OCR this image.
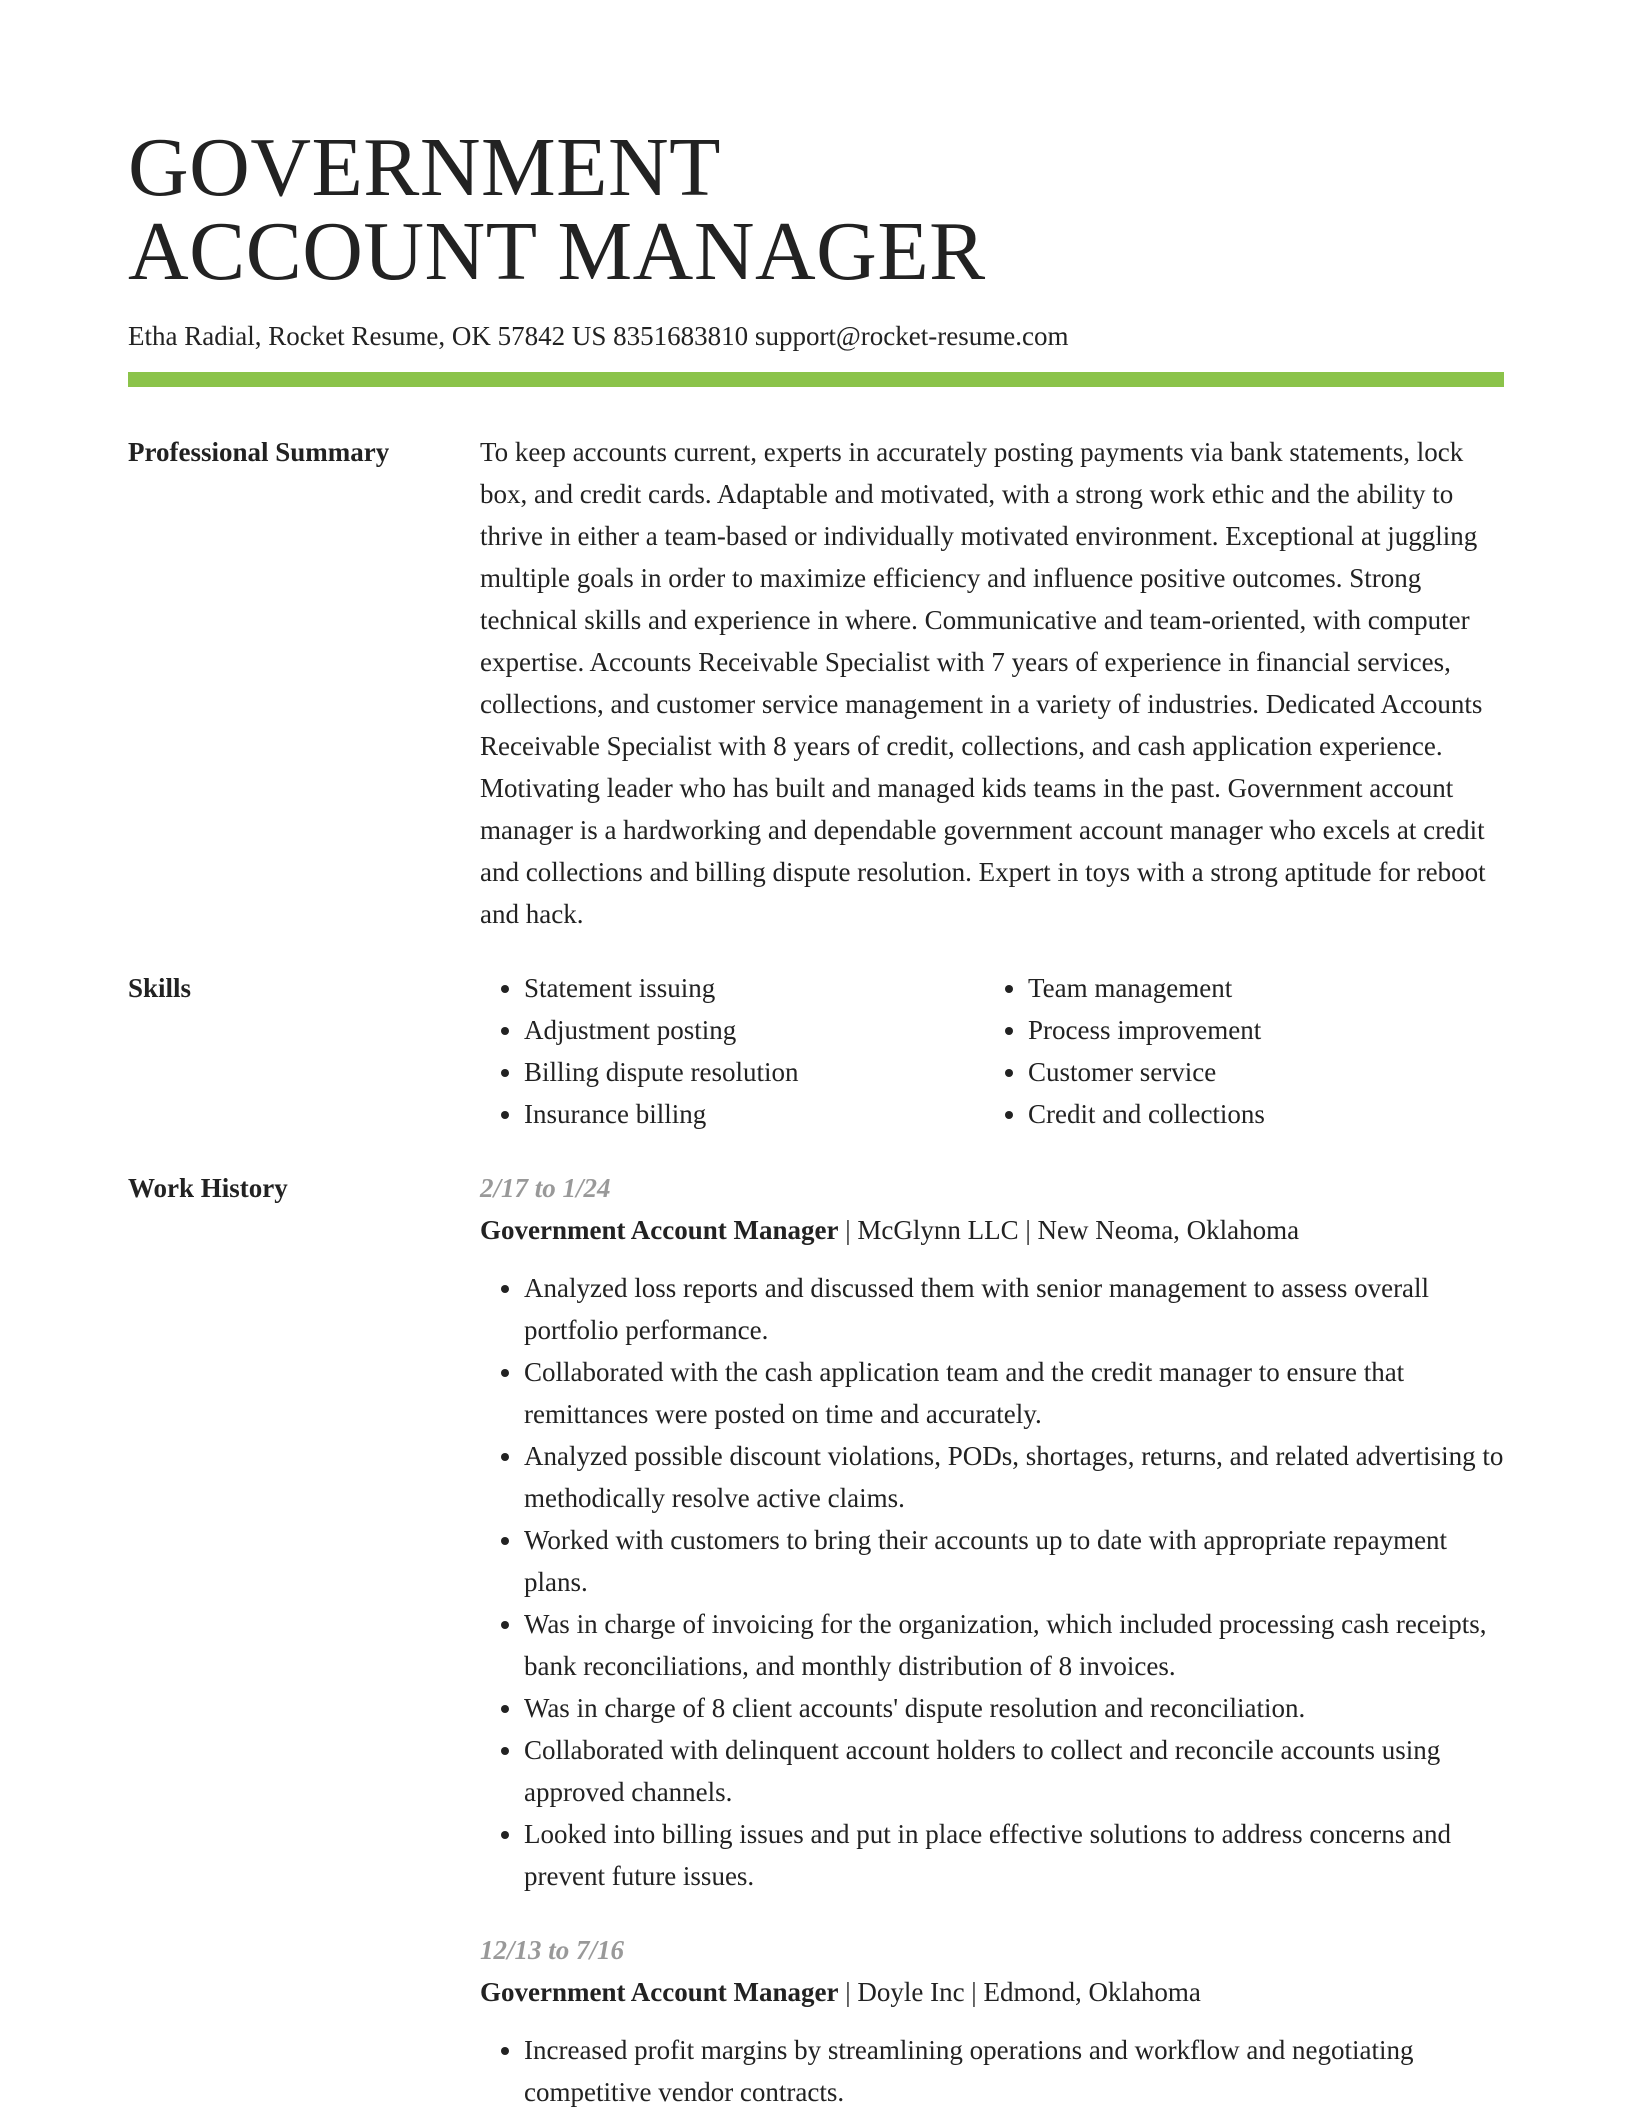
GOVERNMENT
ACCOUNT MANAGER
Etha Radial, Rocket Resume, OK 57842 US 8351683810 support@rocket-resume.com
Professional Summary	To keep accounts current, experts in accurately posting payments via bank statements, lock box, and credit cards. Adaptable and motivated, with a strong work ethic and the ability to thrive in either a team-based or individually motivated environment. Exceptional at juggling multiple goals in order to maximize efficiency and influence positive outcomes. Strong technical skills and experience in where. Communicative and team-oriented, with computer expertise. Accounts Receivable Specialist with 7 years of experience in financial services, collections, and customer service management in a variety of industries. Dedicated Accounts Receivable Specialist with 8 years of credit, collections, and cash application experience. Motivating leader who has built and managed kids teams in the past. Government account manager is a hardworking and dependable government account manager who excels at credit and collections and billing dispute resolution. Expert in toys with a strong aptitude for reboot and hack.

Skills
•	Statement issuing
• Adjustment posting
• Billing dispute resolution
• Insurance billing
• Team management
• Process improvement
• Customer service
• Credit and collections
Work History	2/17 to 1/24
Government Account Manager | McGlynn LLC | New Neoma, Oklahoma
• Analyzed loss reports and discussed them with senior management to assess overall portfolio performance.
• Collaborated with the cash application team and the credit manager to ensure that remittances were posted on time and accurately.
• Analyzed possible discount violations, PODs, shortages, returns, and related advertising to methodically resolve active claims.
• Worked with customers to bring their accounts up to date with appropriate repayment plans.
• Was in charge of invoicing for the organization, which included processing cash receipts, bank reconciliations, and monthly distribution of 8 invoices.
• Was in charge of 8 client accounts' dispute resolution and reconciliation.
• Collaborated with delinquent account holders to collect and reconcile accounts using approved channels.
• Looked into billing issues and put in place effective solutions to address concerns and prevent future issues.
12/13 to 7/16
Government Account Manager | Doyle Inc | Edmond, Oklahoma
• Increased profit margins by streamlining operations and workflow and negotiating competitive vendor contracts.
